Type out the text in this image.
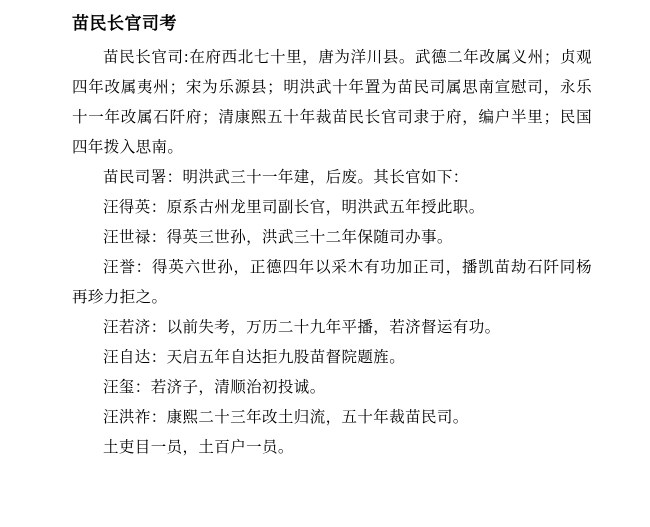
苗民长官司考

苗民长官司:在府西北七十里，唐为洋川县。武德二年改属义州；贞观四年改属夷州；宋为乐源县；明洪武十年置为苗民司属思南宣慰司，永乐十一年改属石阡府；清康熙五十年裁苗民长官司隶于府，编户半里；民国四年拨入思南。

苗民司署：明洪武三十一年建，后废。其长官如下：

汪得英：原系古州龙里司副长官，明洪武五年授此职。

汪世禄：得英三世孙，洪武三十二年保随司办事。

汪誉：得英六世孙，正德四年以采木有功加正司，播凯苗劫石阡同杨再珍力拒之。

汪若济：以前失考，万历二十九年平播，若济督运有功。

汪自达：天启五年自达拒九股苗督院题旌。

汪玺：若济子，清顺治初投诚。

汪洪祚：康熙二十三年改土归流，五十年裁苗民司。

土吏目一员，土百户一员。
